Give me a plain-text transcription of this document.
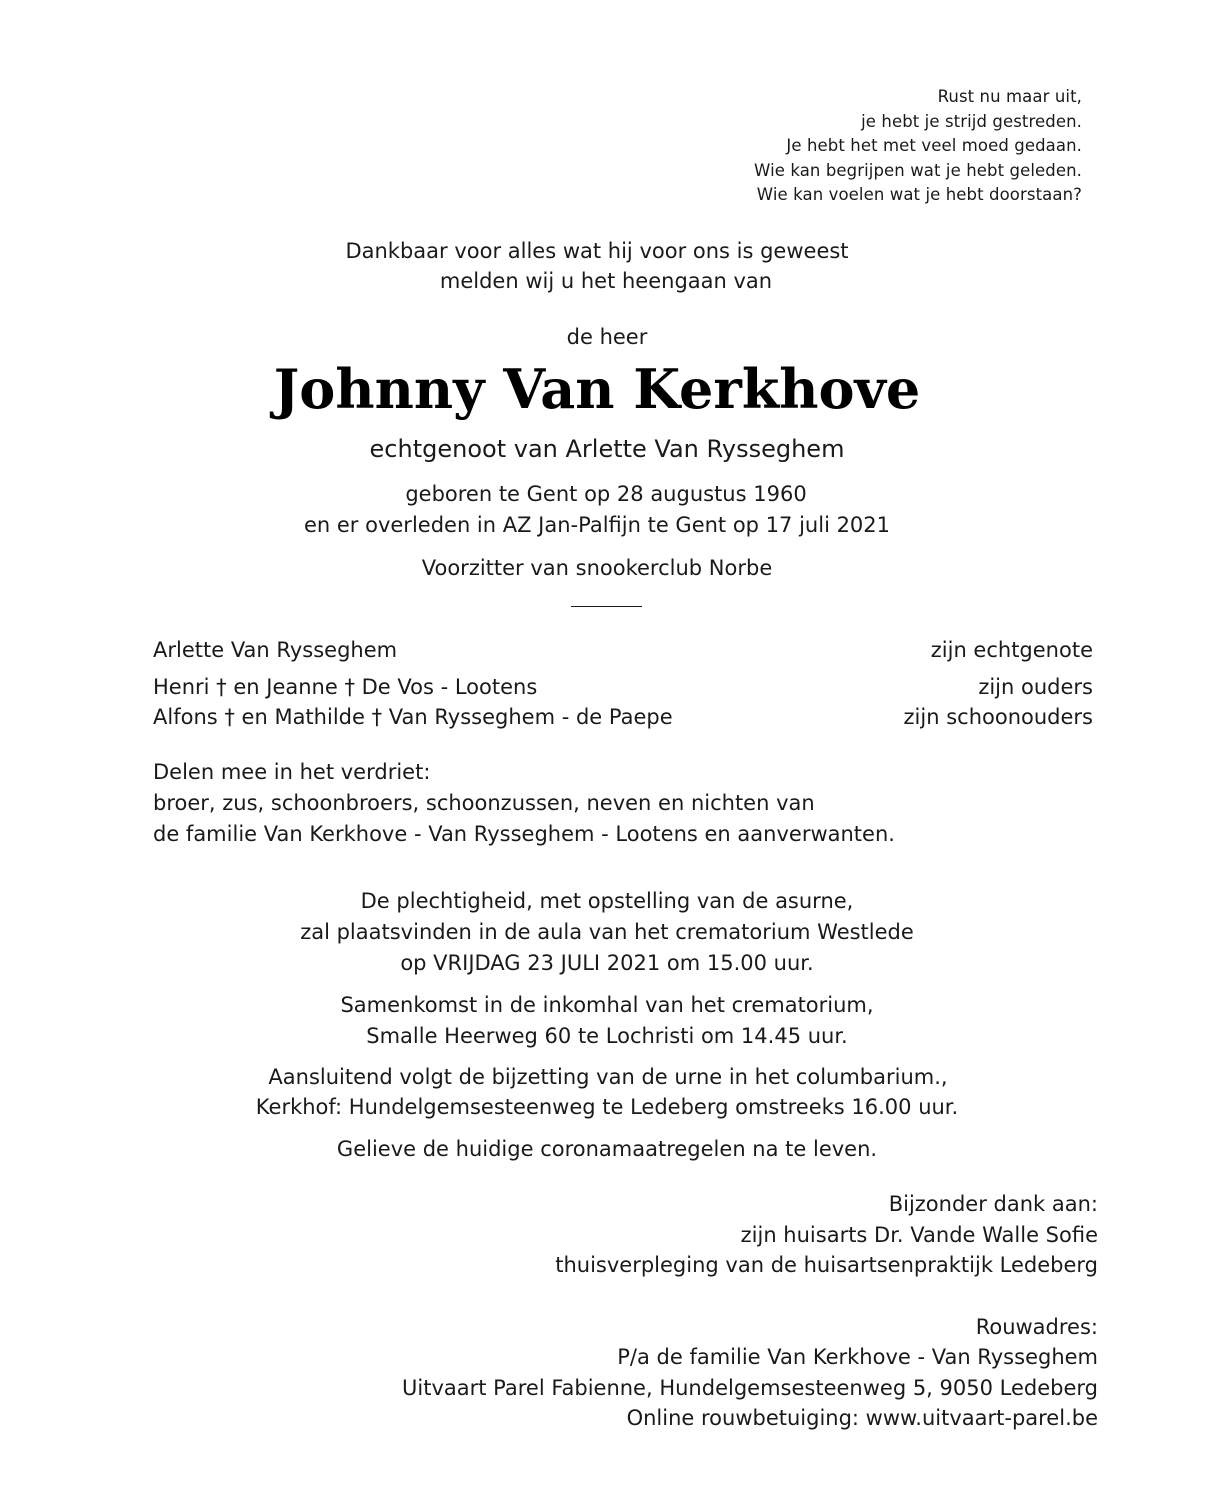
Rust nu maar uit,
je hebt je strijd gestreden.
Je hebt het met veel moed gedaan.
Wie kan begrijpen wat je hebt geleden.
Wie kan voelen wat je hebt doorstaan?
Dankbaar voor alles wat hij voor ons is geweest
melden wij u het heengaan van
de heer
Johnny Van Kerkhove
echtgenoot van Arlette Van Rysseghem
geboren te Gent op 28 augustus 1960
en er overleden in AZ Jan-Palfijn te Gent op 17 juli 2021
Voorzitter van snookerclub Norbe
Arlette Van Rysseghem	zijn echtgenote
Henri † en Jeanne † De Vos - Lootens	zijn ouders
Alfons † en Mathilde † Van Rysseghem - de Paepe	zijn schoonouders
Delen mee in het verdriet:
broer, zus, schoonbroers, schoonzussen, neven en nichten van
de familie Van Kerkhove - Van Rysseghem - Lootens en aanverwanten.
De plechtigheid, met opstelling van de asurne,
zal plaatsvinden in de aula van het crematorium Westlede
op VRIJDAG 23 JULI 2021 om 15.00 uur.
Samenkomst in de inkomhal van het crematorium,
Smalle Heerweg 60 te Lochristi om 14.45 uur.
Aansluitend volgt de bijzetting van de urne in het columbarium.,
Kerkhof: Hundelgemsesteenweg te Ledeberg omstreeks 16.00 uur.
Gelieve de huidige coronamaatregelen na te leven.
Bijzonder dank aan:
zijn huisarts Dr. Vande Walle Sofie
thuisverpleging van de huisartsenpraktijk Ledeberg
Rouwadres:
P/a de familie Van Kerkhove - Van Rysseghem
Uitvaart Parel Fabienne, Hundelgemsesteenweg 5, 9050 Ledeberg
Online rouwbetuiging: www.uitvaart-parel.be
